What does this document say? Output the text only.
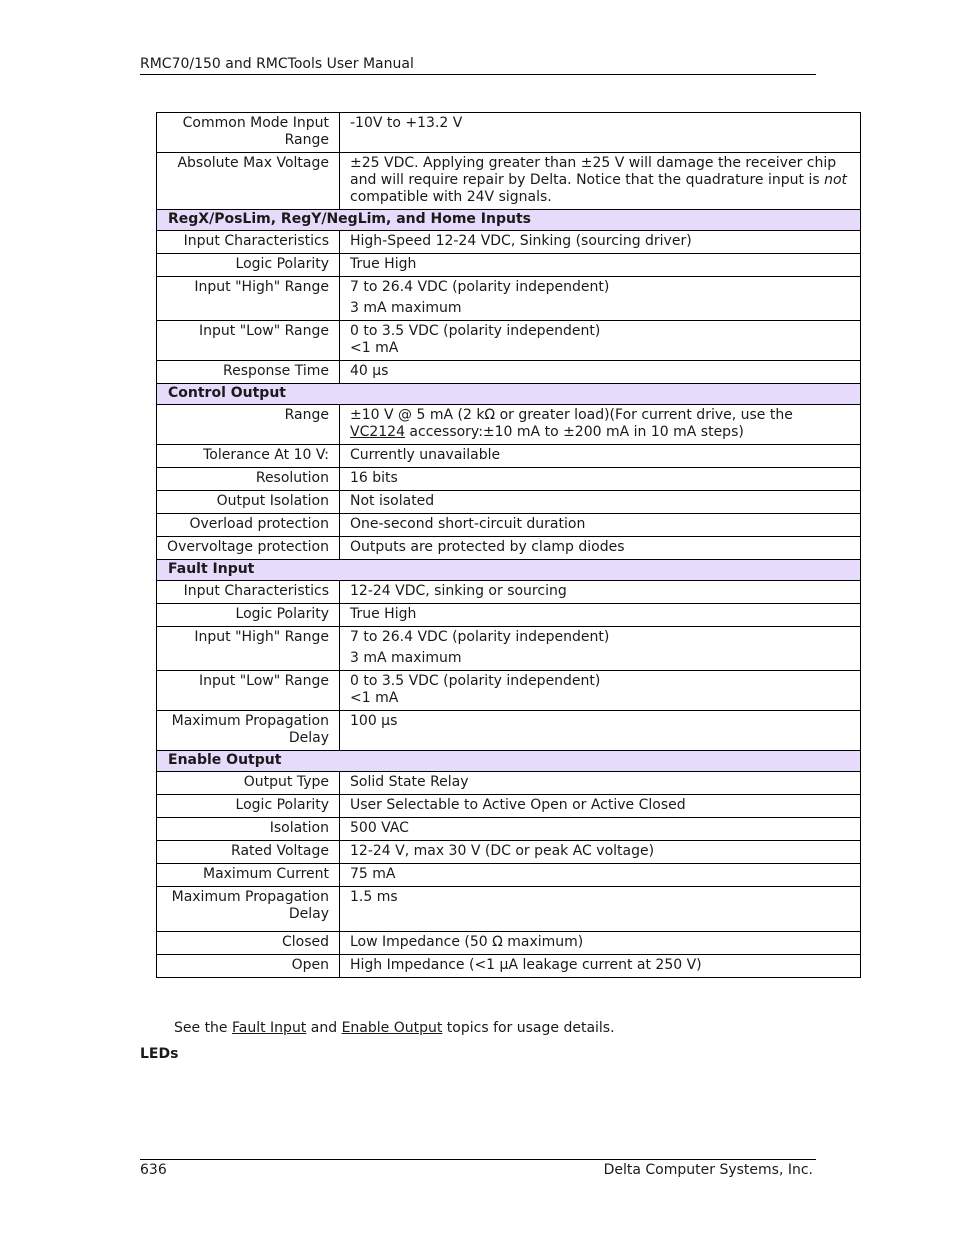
RMC70/150 and RMCTools User Manual
Common Mode Input Range	-10V to +13.2 V
Absolute Max Voltage	±25 VDC. Applying greater than ±25 V will damage the receiver chip and will require repair by Delta. Notice that the quadrature input is not compatible with 24V signals.
RegX/PosLim, RegY/NegLim, and Home Inputs	
Input Characteristics	High-Speed 12-24 VDC, Sinking (sourcing driver)
Logic Polarity	True High
Input "High" Range	7 to 26.4 VDC (polarity independent)

3 mA maximum

Input "Low" Range	0 to 3.5 VDC (polarity independent)

<1 mA

Response Time	40 µs
Control Output	
Range	±10 V @ 5 mA (2 kΩ or greater load)(For current drive, use the VC2124 accessory:±10 mA to ±200 mA in 10 mA steps)
Tolerance At 10 V:	Currently unavailable
Resolution	16 bits
Output Isolation	Not isolated
Overload protection	One-second short-circuit duration
Overvoltage protection	Outputs are protected by clamp diodes
Fault Input	
Input Characteristics	12-24 VDC, sinking or sourcing
Logic Polarity	True High
Input "High" Range	7 to 26.4 VDC (polarity independent)

3 mA maximum

Input "Low" Range	0 to 3.5 VDC (polarity independent)

<1 mA

Maximum Propagation Delay	100 µs
Enable Output	
Output Type	Solid State Relay
Logic Polarity	User Selectable to Active Open or Active Closed
Isolation	500 VAC
Rated Voltage	12-24 V, max 30 V (DC or peak AC voltage)
Maximum Current	75 mA
Maximum Propagation Delay	1.5 ms
Closed	Low Impedance (50 Ω maximum)
Open	High Impedance (<1 µA leakage current at 250 V)
See the Fault Input and Enable Output topics for usage details.
LEDs
636	Delta Computer Systems, Inc.
